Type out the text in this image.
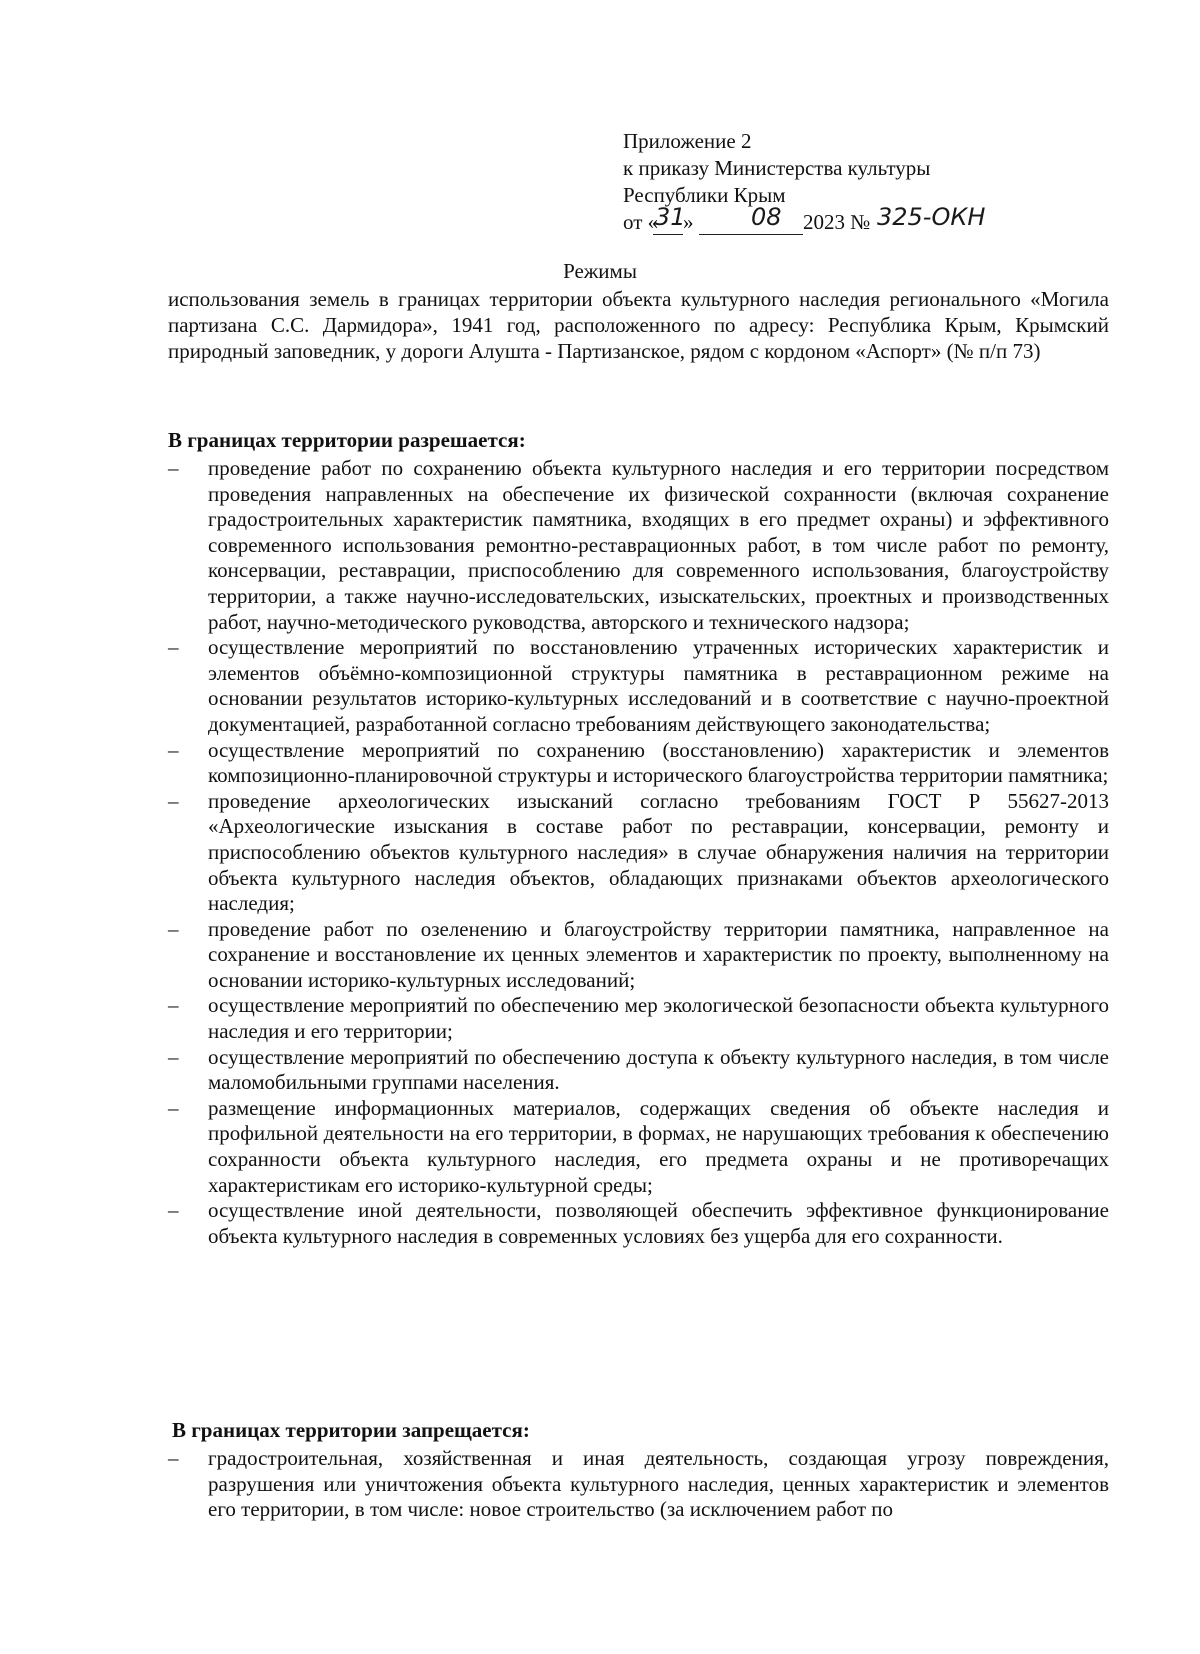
Приложение 2
к приказу Министерства культуры
Республики Крым
от «
31
» 08 2023 № 325-ОКН
Режимы
использования земель в границах территории объекта культурного наследия регионального «Могила партизана С.С. Дармидора», 1941 год, расположенного по адресу: Республика Крым, Крымский природный заповедник, у дороги Алушта - Партизанское, рядом с кордоном «Аспорт» (№ п/п 73)
В границах территории разрешается:
– проведение работ по сохранению объекта культурного наследия и его территории посредством проведения направленных на обеспечение их физической сохранности (включая сохранение градостроительных характеристик памятника, входящих в его предмет охраны) и эффективного современного использования ремонтно-реставрационных работ, в том числе работ по ремонту, консервации, реставрации, приспособлению для современного использования, благоустройству территории, а также научно-исследовательских, изыскательских, проектных и производственных работ, научно-методического руководства, авторского и технического надзора;
– осуществление мероприятий по восстановлению утраченных исторических характеристик и элементов объёмно-композиционной структуры памятника в реставрационном режиме на основании результатов историко-культурных исследований и в соответствие с научно-проектной документацией, разработанной согласно требованиям действующего законодательства;
– осуществление мероприятий по сохранению (восстановлению) характеристик и элементов композиционно-планировочной структуры и исторического благоустройства территории памятника;
– проведение археологических изысканий согласно требованиям ГОСТ Р 55627-2013 «Археологические изыскания в составе работ по реставрации, консервации, ремонту и приспособлению объектов культурного наследия» в случае обнаружения наличия на территории объекта культурного наследия объектов, обладающих признаками объектов археологического наследия;
– проведение работ по озеленению и благоустройству территории памятника, направленное на сохранение и восстановление их ценных элементов и характеристик по проекту, выполненному на основании историко-культурных исследований;
– осуществление мероприятий по обеспечению мер экологической безопасности объекта культурного наследия и его территории;
– осуществление мероприятий по обеспечению доступа к объекту культурного наследия, в том числе маломобильными группами населения.
– размещение информационных материалов, содержащих сведения об объекте наследия и профильной деятельности на его территории, в формах, не нарушающих требования к обеспечению сохранности объекта культурного наследия, его предмета охраны и не противоречащих характеристикам его историко-культурной среды;
– осуществление иной деятельности, позволяющей обеспечить эффективное функционирование объекта культурного наследия в современных условиях без ущерба для его сохранности.
В границах территории запрещается:
– градостроительная, хозяйственная и иная деятельность, создающая угрозу повреждения, разрушения или уничтожения объекта культурного наследия, ценных характеристик и элементов его территории, в том числе: новое строительство (за исключением работ по
